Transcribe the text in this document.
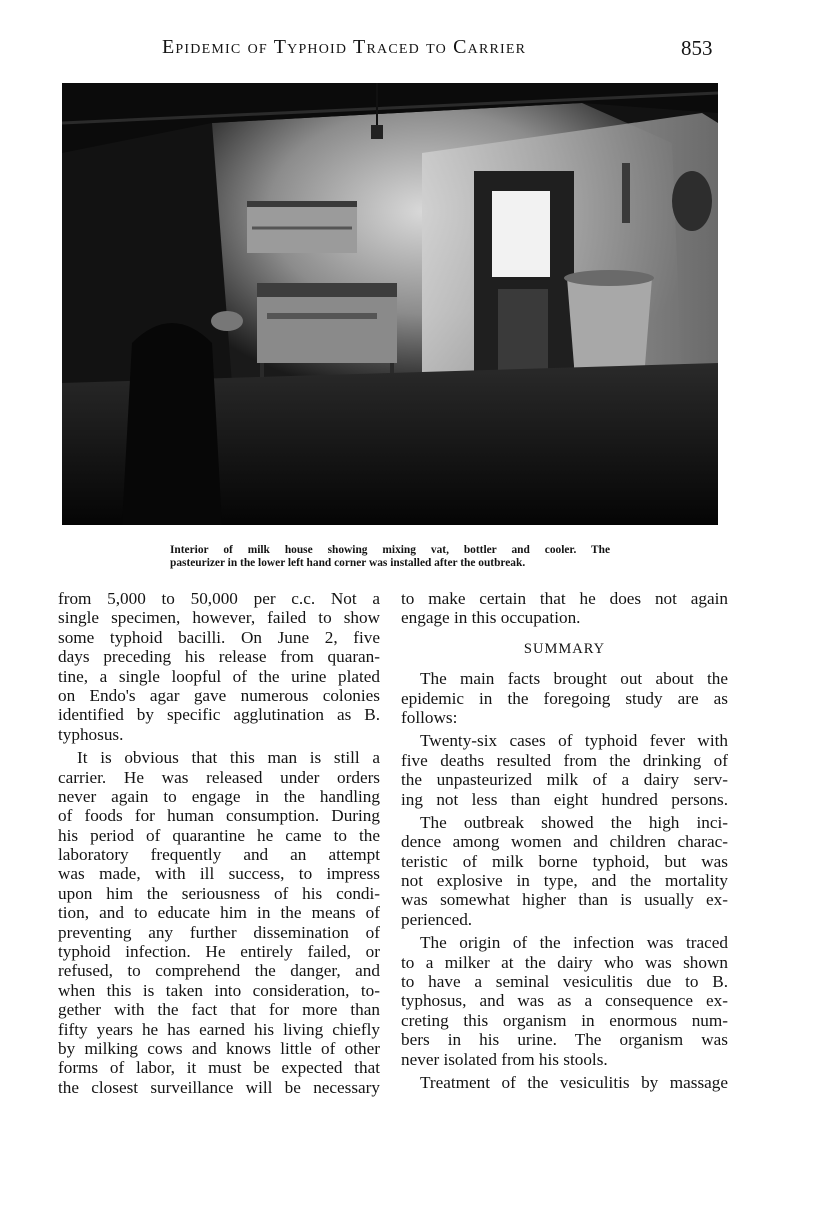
Epidemic of Typhoid Traced to Carrier	853
Interior of milk house showing mixing vat, bottler and cooler. The
pasteurizer in the lower left hand corner was installed after the outbreak.
from 5,000 to 50,000 per c.c. Not a
single specimen, however, failed to show
some typhoid bacilli. On June 2, five
days preceding his release from quaran-
tine, a single loopful of the urine plated
on Endo's agar gave numerous colonies
identified by specific agglutination as B.
typhosus.
It is obvious that this man is still a
carrier. He was released under orders
never again to engage in the handling
of foods for human consumption. During
his period of quarantine he came to the
laboratory frequently and an attempt
was made, with ill success, to impress
upon him the seriousness of his condi-
tion, and to educate him in the means of
preventing any further dissemination of
typhoid infection. He entirely failed, or
refused, to comprehend the danger, and
when this is taken into consideration, to-
gether with the fact that for more than
fifty years he has earned his living chiefly
by milking cows and knows little of other
forms of labor, it must be expected that
the closest surveillance will be necessary
to make certain that he does not again
engage in this occupation.
SUMMARY
The main facts brought out about the
epidemic in the foregoing study are as
follows:
Twenty-six cases of typhoid fever with
five deaths resulted from the drinking of
the unpasteurized milk of a dairy serv-
ing not less than eight hundred persons.
The outbreak showed the high inci-
dence among women and children charac-
teristic of milk borne typhoid, but was
not explosive in type, and the mortality
was somewhat higher than is usually ex-
perienced.
The origin of the infection was traced
to a milker at the dairy who was shown
to have a seminal vesiculitis due to B.
typhosus, and was as a consequence ex-
creting this organism in enormous num-
bers in his urine. The organism was
never isolated from his stools.
Treatment of the vesiculitis by massage
